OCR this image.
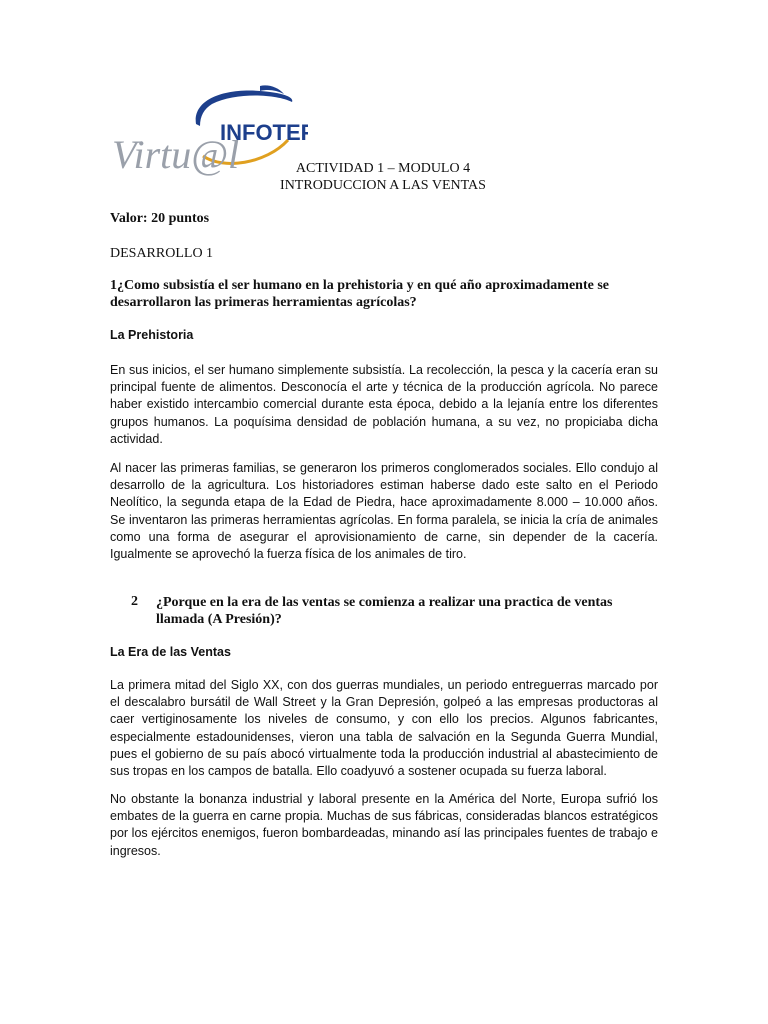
INFOTEP
Virtu@l	ACTIVIDAD 1 – MODULO 4

INTRODUCCION A LAS VENTAS

Valor: 20 puntos

DESARROLLO 1

1¿Como subsistía el ser humano en la prehistoria y en qué año aproximadamente se desarrollaron las primeras herramientas agrícolas?

La Prehistoria

En sus inicios, el ser humano simplemente subsistía. La recolección, la pesca y la cacería eran su principal fuente de alimentos. Desconocía el arte y técnica de la producción agrícola. No parece haber existido intercambio comercial durante esta época, debido a la lejanía entre los diferentes grupos humanos. La poquísima densidad de población humana, a su vez, no propiciaba dicha actividad.

Al nacer las primeras familias, se generaron los primeros conglomerados sociales. Ello condujo al desarrollo de la agricultura. Los historiadores estiman haberse dado este salto en el Periodo Neolítico, la segunda etapa de la Edad de Piedra, hace aproximadamente 8.000 – 10.000 años. Se inventaron las primeras herramientas agrícolas. En forma paralela, se inicia la cría de animales como una forma de asegurar el aprovisionamiento de carne, sin depender de la cacería. Igualmente se aprovechó la fuerza física de los animales de tiro.

2 ¿Porque en la era de las ventas se comienza a realizar una practica de ventas llamada (A Presión)?

La Era de las Ventas

La primera mitad del Siglo XX, con dos guerras mundiales, un periodo entreguerras marcado por el descalabro bursátil de Wall Street y la Gran Depresión, golpeó a las empresas productoras al caer vertiginosamente los niveles de consumo, y con ello los precios. Algunos fabricantes, especialmente estadounidenses, vieron una tabla de salvación en la Segunda Guerra Mundial, pues el gobierno de su país abocó virtualmente toda la producción industrial al abastecimiento de sus tropas en los campos de batalla. Ello coadyuvó a sostener ocupada su fuerza laboral.

No obstante la bonanza industrial y laboral presente en la América del Norte, Europa sufrió los embates de la guerra en carne propia. Muchas de sus fábricas, consideradas blancos estratégicos por los ejércitos enemigos, fueron bombardeadas, minando así las principales fuentes de trabajo e ingresos.
